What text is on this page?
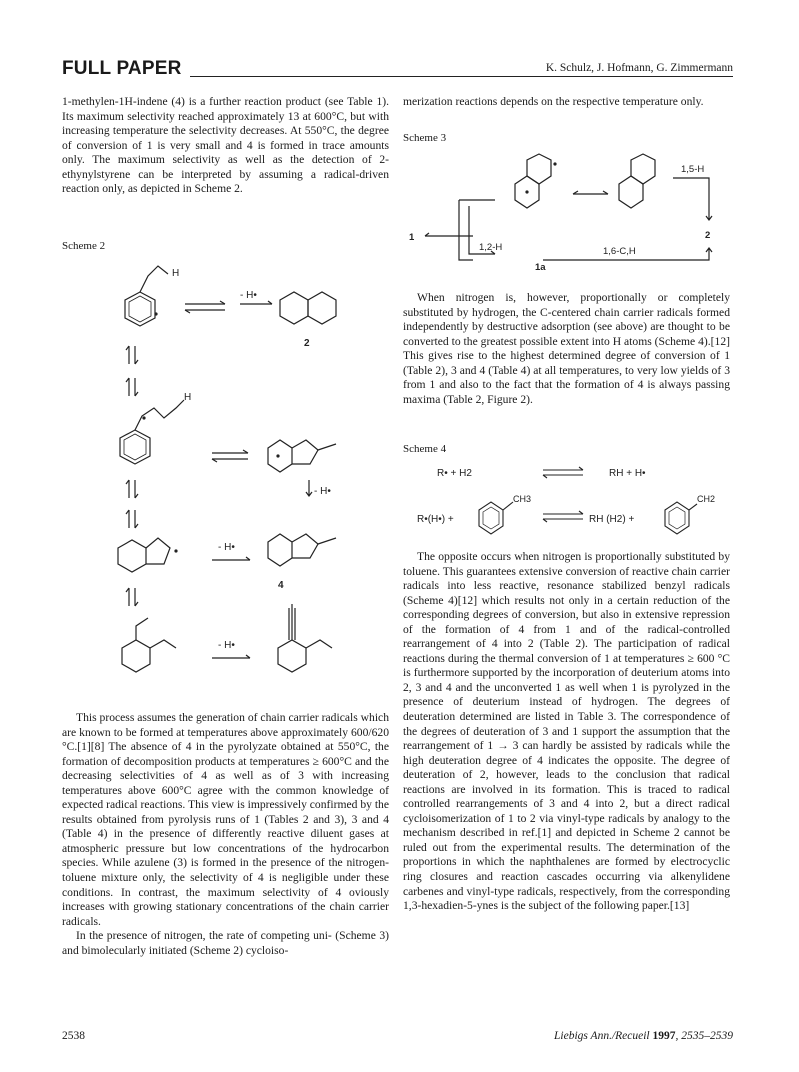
FULL PAPER	K. Schulz, J. Hofmann, G. Zimmermann

1-methylen-1H-indene (4) is a further reaction product (see Table 1). Its maximum selectivity reached approximately 13 at 600°C, but with increasing temperature the selectivity decreases. At 550°C, the degree of conversion of 1 is very small and 4 is formed in trace amounts only. The maximum selectivity as well as the detection of 2-ethynylstyrene can be interpreted by assuming a radical-driven reaction only, as depicted in Scheme 2.

Scheme 2
H
- H•
2
H
- H•
- H•
4
- H•

This process assumes the generation of chain carrier radicals which are known to be formed at temperatures above approximately 600/620 °C.[1][8] The absence of 4 in the pyrolyzate obtained at 550°C, the formation of decomposition products at temperatures ≥ 600°C and the decreasing selectivities of 4 as well as of 3 with increasing temperatures above 600°C agree with the common knowledge of expected radical reactions. This view is impressively confirmed by the results obtained from pyrolysis runs of 1 (Tables 2 and 3), 3 and 4 (Table 4) in the presence of differently reactive diluent gases at atmospheric pressure but low concentrations of the hydrocarbon species. While azulene (3) is formed in the presence of the nitrogen-toluene mixture only, the selectivity of 4 is negligible under these conditions. In contrast, the maximum selectivity of 4 oviously increases with growing stationary concentrations of the chain carrier radicals.

In the presence of nitrogen, the rate of competing uni- (Scheme 3) and bimolecularly initiated (Scheme 2) cycloiso-

merization reactions depends on the respective temperature only.

Scheme 3
1,5-H
1	2
1,2-H
1a
1,6-C,H

When nitrogen is, however, proportionally or completely substituted by hydrogen, the C-centered chain carrier radicals formed independently by destructive adsorption (see above) are thought to be converted to the greatest possible extent into H atoms (Scheme 4).[12] This gives rise to the highest determined degree of conversion of 1 (Table 2), 3 and 4 (Table 4) at all temperatures, to very low yields of 3 from 1 and also to the fact that the formation of 4 is always passing maxima (Table 2, Figure 2).

Scheme 4
R• + H2	RH + H•
R•(H•) +
CH3
RH (H2) +
CH2

The opposite occurs when nitrogen is proportionally substituted by toluene. This guarantees extensive conversion of reactive chain carrier radicals into less reactive, resonance stabilized benzyl radicals (Scheme 4)[12] which results not only in a certain reduction of the corresponding degrees of conversion, but also in extensive repression of the formation of 4 from 1 and of the radical-controlled rearrangement of 4 into 2 (Table 2). The participation of radical reactions during the thermal conversion of 1 at temperatures ≥ 600 °C is furthermore supported by the incorporation of deuterium atoms into 2, 3 and 4 and the unconverted 1 as well when 1 is pyrolyzed in the presence of deuterium instead of hydrogen. The degrees of deuteration determined are listed in Table 3. The correspondence of the degrees of deuteration of 3 and 1 support the assumption that the rearrangement of 1 → 3 can hardly be assisted by radicals while the high deuteration degree of 4 indicates the opposite. The degree of deuteration of 2, however, leads to the conclusion that radical reactions are involved in its formation. This is traced to radical controlled rearrangements of 3 and 4 into 2, but a direct radical cycloisomerization of 1 to 2 via vinyl-type radicals by analogy to the mechanism described in ref.[1] and depicted in Scheme 2 cannot be ruled out from the experimental results. The determination of the proportions in which the naphthalenes are formed by electrocyclic ring closures and reaction cascades occurring via alkenylidene carbenes and vinyl-type radicals, respectively, from the corresponding 1,3-hexadien-5-ynes is the subject of the following paper.[13]

2538	Liebigs Ann./Recueil 1997, 2535–2539
